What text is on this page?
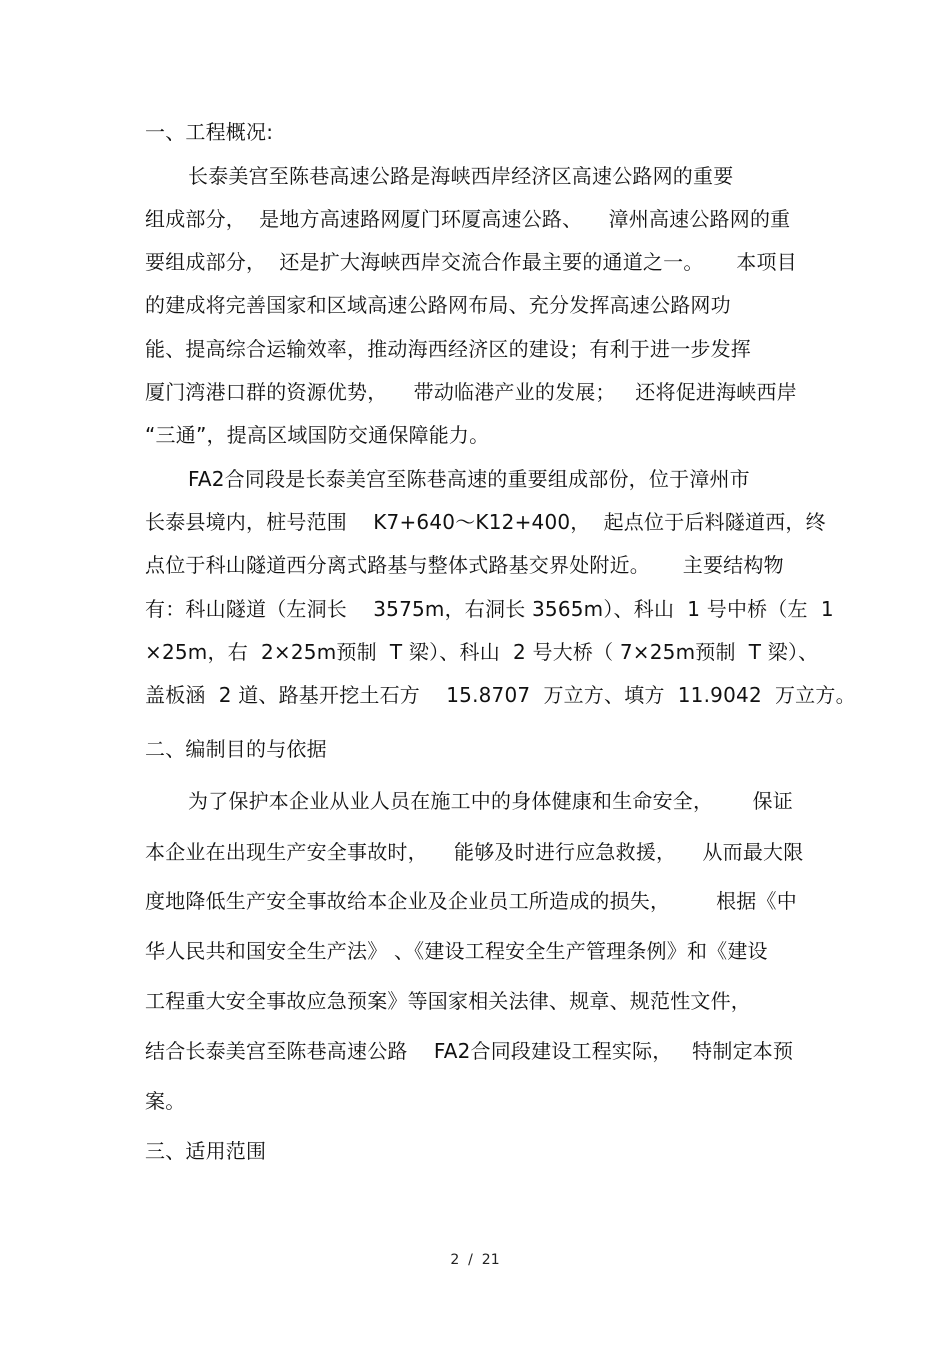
一、工程概况:
长泰美宫至陈巷高速公路是海峡西岸经济区高速公路网的重要
组成部分，  是地方高速路网厦门环厦高速公路、    漳州高速公路网的重
要组成部分，  还是扩大海峡西岸交流合作最主要的通道之一。     本项目
的建成将完善国家和区域高速公路网布局、充分发挥高速公路网功
能、提高综合运输效率，推动海西经济区的建设；有利于进一步发挥
厦门湾港口群的资源优势，    带动临港产业的发展；   还将促进海峡西岸
“三通”，提高区域国防交通保障能力。
FA2合同段是长泰美宫至陈巷高速的重要组成部份，位于漳州市
长泰县境内，桩号范围    K7+640～K12+400，  起点位于后料隧道西，终
点位于科山隧道西分离式路基与整体式路基交界处附近。     主要结构物
有：科山隧道（左洞长    3575m，右洞长 3565m）、科山  1 号中桥（左  1
×25m，右  2×25m预制  T 梁）、科山  2 号大桥（ 7×25m预制  T 梁）、
盖板涵  2 道、路基开挖土石方    15.8707  万立方、填方  11.9042  万立方。
二、编制目的与依据
为了保护本企业从业人员在施工中的身体健康和生命安全，      保证
本企业在出现生产安全事故时，    能够及时进行应急救援，    从而最大限
度地降低生产安全事故给本企业及企业员工所造成的损失，       根据《中
华人民共和国安全生产法》 、《建设工程安全生产管理条例》和《建设
工程重大安全事故应急预案》等国家相关法律、规章、规范性文件，
结合长泰美宫至陈巷高速公路    FA2合同段建设工程实际，   特制定本预
案。
三、适用范围
2  /  21
